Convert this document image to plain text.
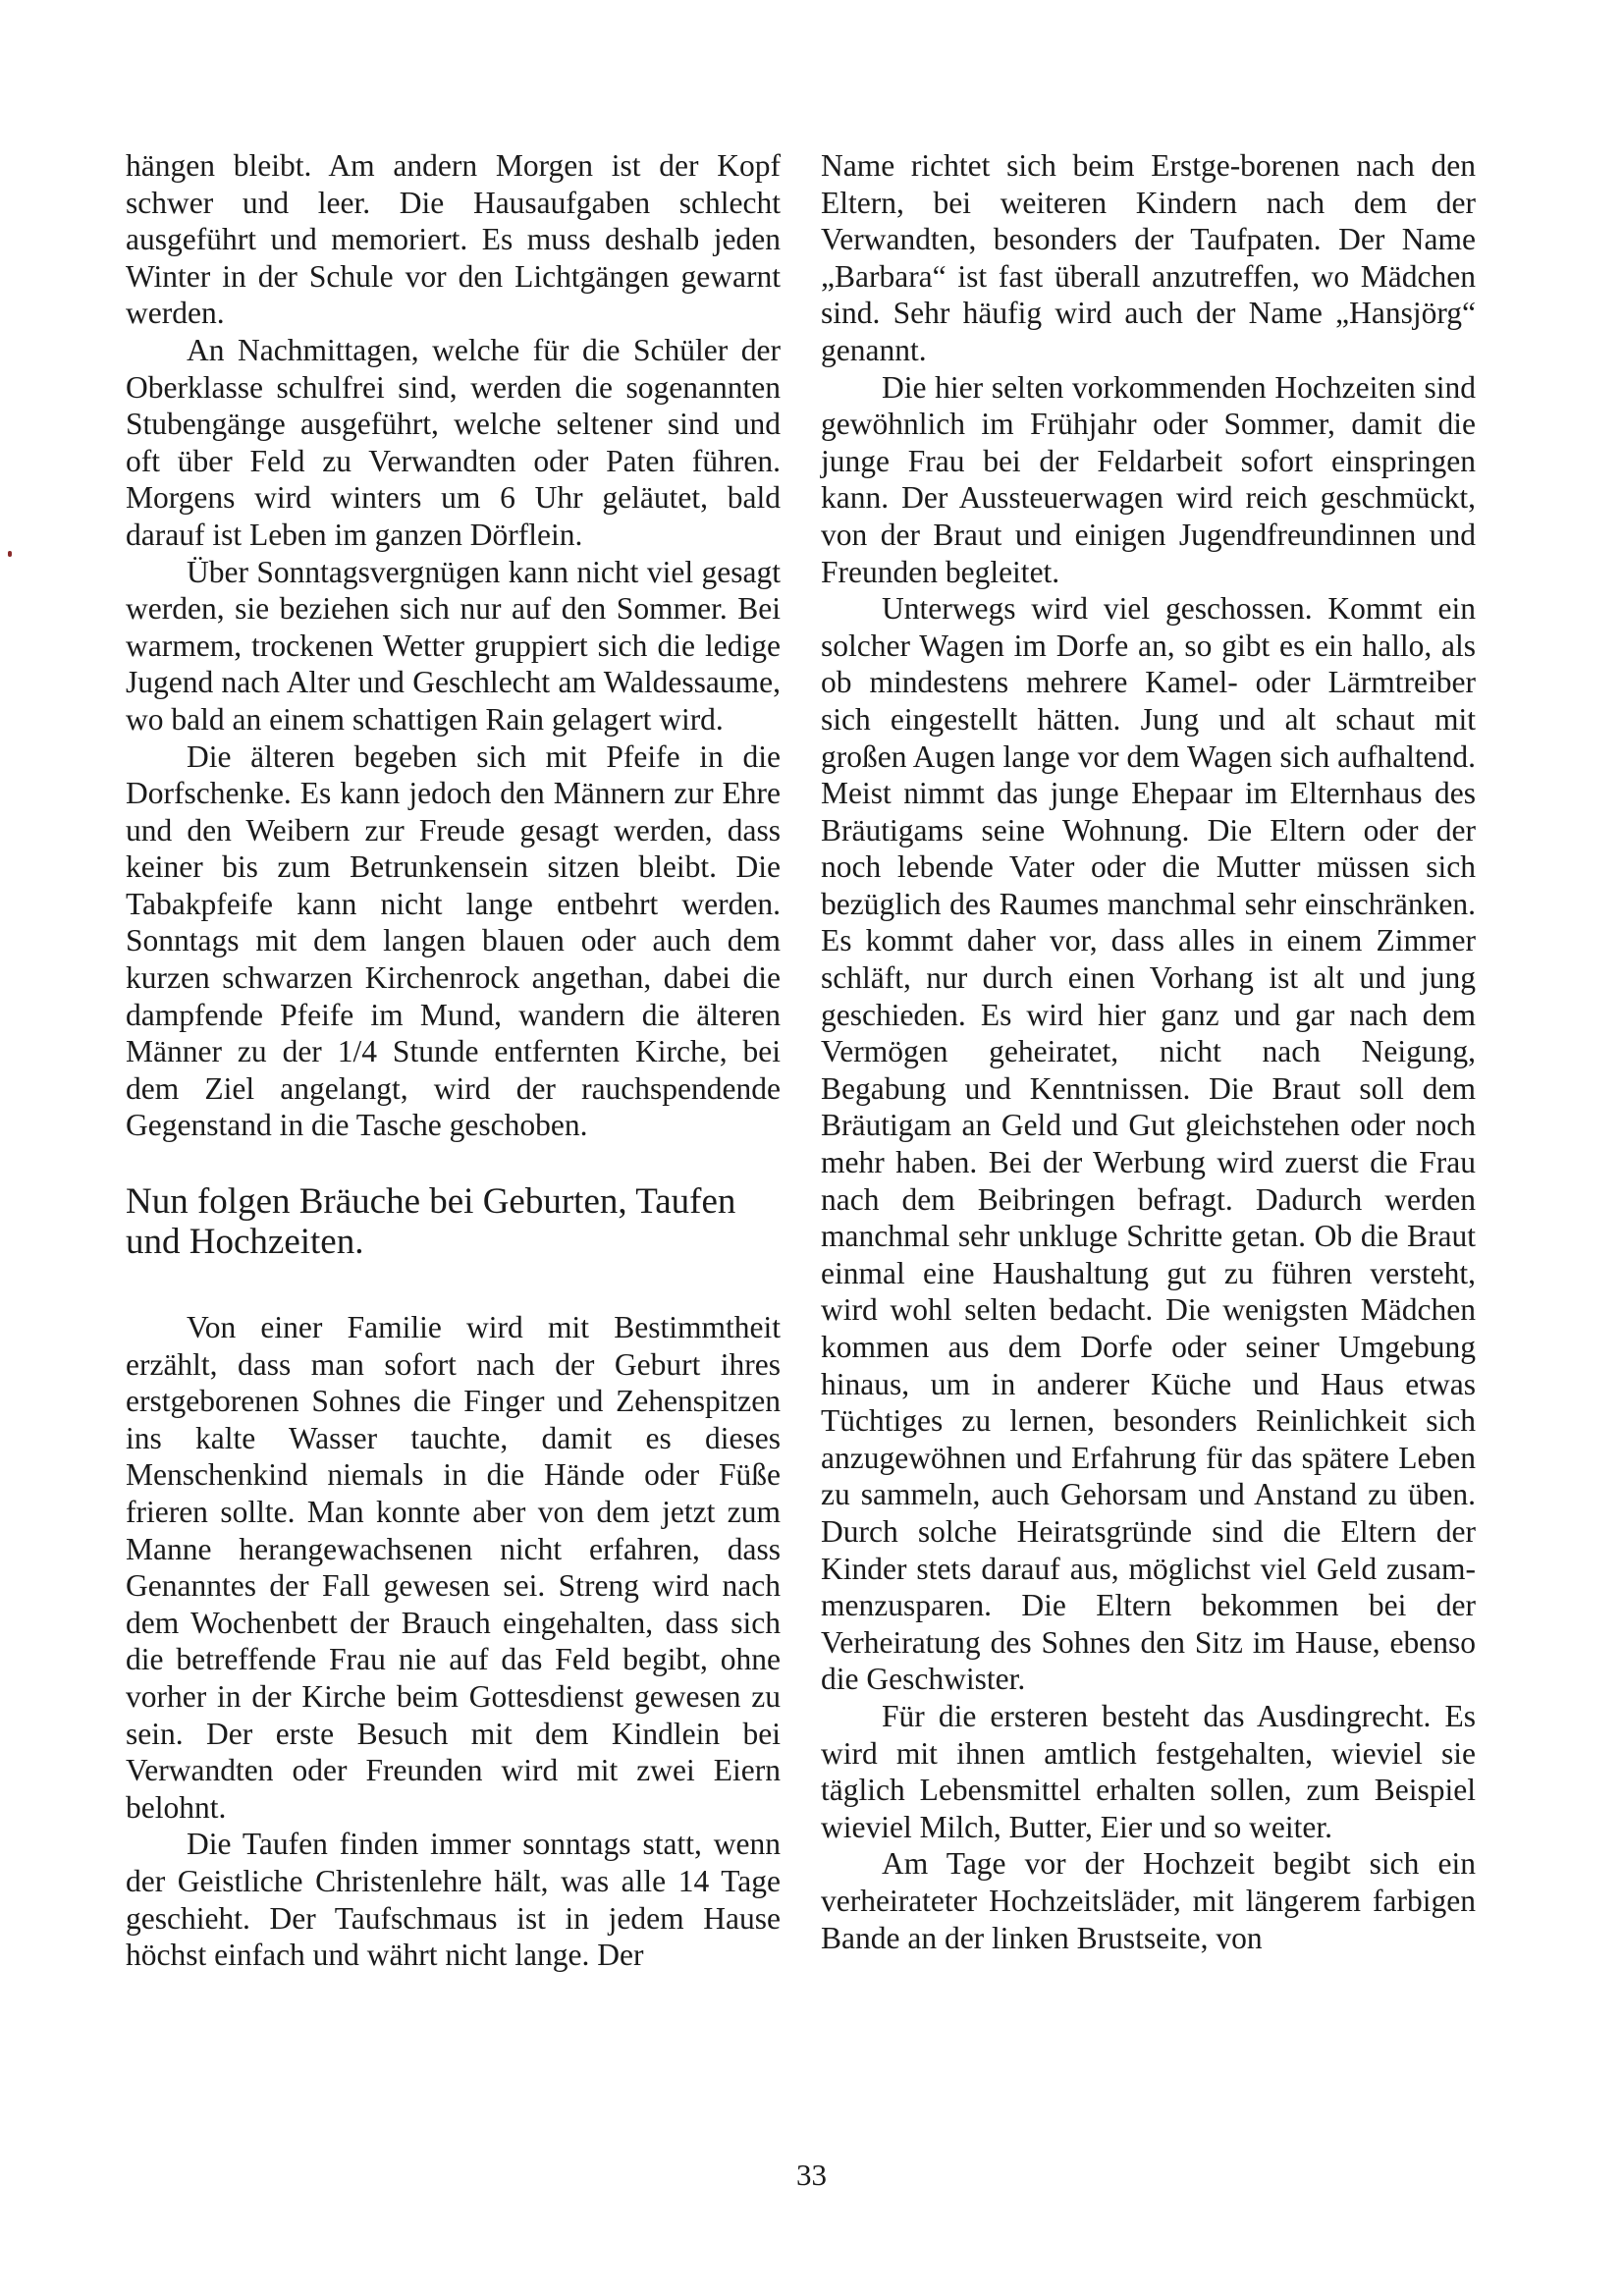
hängen bleibt. Am andern Morgen ist der Kopf schwer und leer. Die Hausaufgaben schlecht ausgeführt und memoriert. Es muss deshalb jeden Winter in der Schule vor den Lichtgängen gewarnt werden.

An Nachmittagen, welche für die Schüler der Oberklasse schulfrei sind, werden die sogenannten Stubengänge ausgeführt, welche seltener sind und oft über Feld zu Verwandten oder Paten führen. Morgens wird winters um 6 Uhr geläutet, bald darauf ist Leben im ganzen Dörflein.

Über Sonntagsvergnügen kann nicht viel gesagt werden, sie beziehen sich nur auf den Sommer. Bei warmem, trockenen Wetter gruppiert sich die ledige Jugend nach Alter und Geschlecht am Waldessaume, wo bald an einem schattigen Rain gelagert wird.

Die älteren begeben sich mit Pfeife in die Dorfschenke. Es kann jedoch den Männern zur Ehre und den Weibern zur Freude gesagt werden, dass keiner bis zum Betrunkensein sitzen bleibt. Die Tabakpfeife kann nicht lange entbehrt werden. Sonntags mit dem langen blauen oder auch dem kurzen schwarzen Kirchenrock angethan, dabei die dampfende Pfeife im Mund, wandern die älteren Männer zu der 1/4 Stunde entfernten Kirche, bei dem Ziel angelangt, wird der rauchspendende Gegenstand in die Tasche geschoben.

Nun folgen Bräuche bei Geburten, Taufen und Hochzeiten.

Von einer Familie wird mit Bestimmtheit erzählt, dass man sofort nach der Geburt ihres erstgeborenen Sohnes die Finger und Zehenspitzen ins kalte Wasser tauchte, damit es dieses Menschenkind niemals in die Hände oder Füße frieren sollte. Man konnte aber von dem jetzt zum Manne herangewachsenen nicht erfahren, dass Genanntes der Fall gewesen sei. Streng wird nach dem Wochenbett der Brauch eingehalten, dass sich die betreffende Frau nie auf das Feld begibt, ohne vorher in der Kirche beim Gottesdienst gewesen zu sein. Der erste Besuch mit dem Kindlein bei Verwandten oder Freunden wird mit zwei Eiern belohnt.

Die Taufen finden immer sonntags statt, wenn der Geistliche Christenlehre hält, was alle 14 Tage geschieht. Der Taufschmaus ist in jedem Hause höchst einfach und währt nicht lange. Der

Name richtet sich beim Erstge-borenen nach den Eltern, bei weiteren Kindern nach dem der Verwandten, besonders der Taufpaten. Der Name „Barbara“ ist fast überall anzutreffen, wo Mädchen sind. Sehr häufig wird auch der Name „Hansjörg“ genannt.

Die hier selten vorkommenden Hochzeiten sind gewöhnlich im Frühjahr oder Sommer, damit die junge Frau bei der Feldarbeit sofort einspringen kann. Der Aussteuerwagen wird reich geschmückt, von der Braut und einigen Jugendfreundinnen und Freunden begleitet.

Unterwegs wird viel geschossen. Kommt ein solcher Wagen im Dorfe an, so gibt es ein hallo, als ob mindestens mehrere Kamel- oder Lärmtreiber sich eingestellt hätten. Jung und alt schaut mit großen Augen lange vor dem Wagen sich aufhaltend. Meist nimmt das junge Ehepaar im Elternhaus des Bräutigams seine Wohnung. Die Eltern oder der noch lebende Vater oder die Mutter müssen sich bezüglich des Raumes manchmal sehr einschränken. Es kommt daher vor, dass alles in einem Zimmer schläft, nur durch einen Vorhang ist alt und jung geschieden. Es wird hier ganz und gar nach dem Vermögen geheiratet, nicht nach Neigung, Begabung und Kenntnissen. Die Braut soll dem Bräutigam an Geld und Gut gleichstehen oder noch mehr haben. Bei der Werbung wird zuerst die Frau nach dem Beibringen befragt. Dadurch werden manchmal sehr unkluge Schritte getan. Ob die Braut einmal eine Haushaltung gut zu führen versteht, wird wohl selten bedacht. Die wenigsten Mädchen kommen aus dem Dorfe oder seiner Umgebung hinaus, um in anderer Küche und Haus etwas Tüchtiges zu lernen, besonders Reinlichkeit sich anzugewöhnen und Erfahrung für das spätere Leben zu sammeln, auch Gehorsam und Anstand zu üben. Durch solche Heiratsgründe sind die Eltern der Kinder stets darauf aus, möglichst viel Geld zusammenzusparen. Die Eltern bekommen bei der Verheiratung des Sohnes den Sitz im Hause, ebenso die Geschwister.

Für die ersteren besteht das Ausdingrecht. Es wird mit ihnen amtlich festgehalten, wieviel sie täglich Lebensmittel erhalten sollen, zum Beispiel wieviel Milch, Butter, Eier und so weiter.

Am Tage vor der Hochzeit begibt sich ein verheirateter Hochzeitsläder, mit längerem farbigen Bande an der linken Brustseite, von

33
